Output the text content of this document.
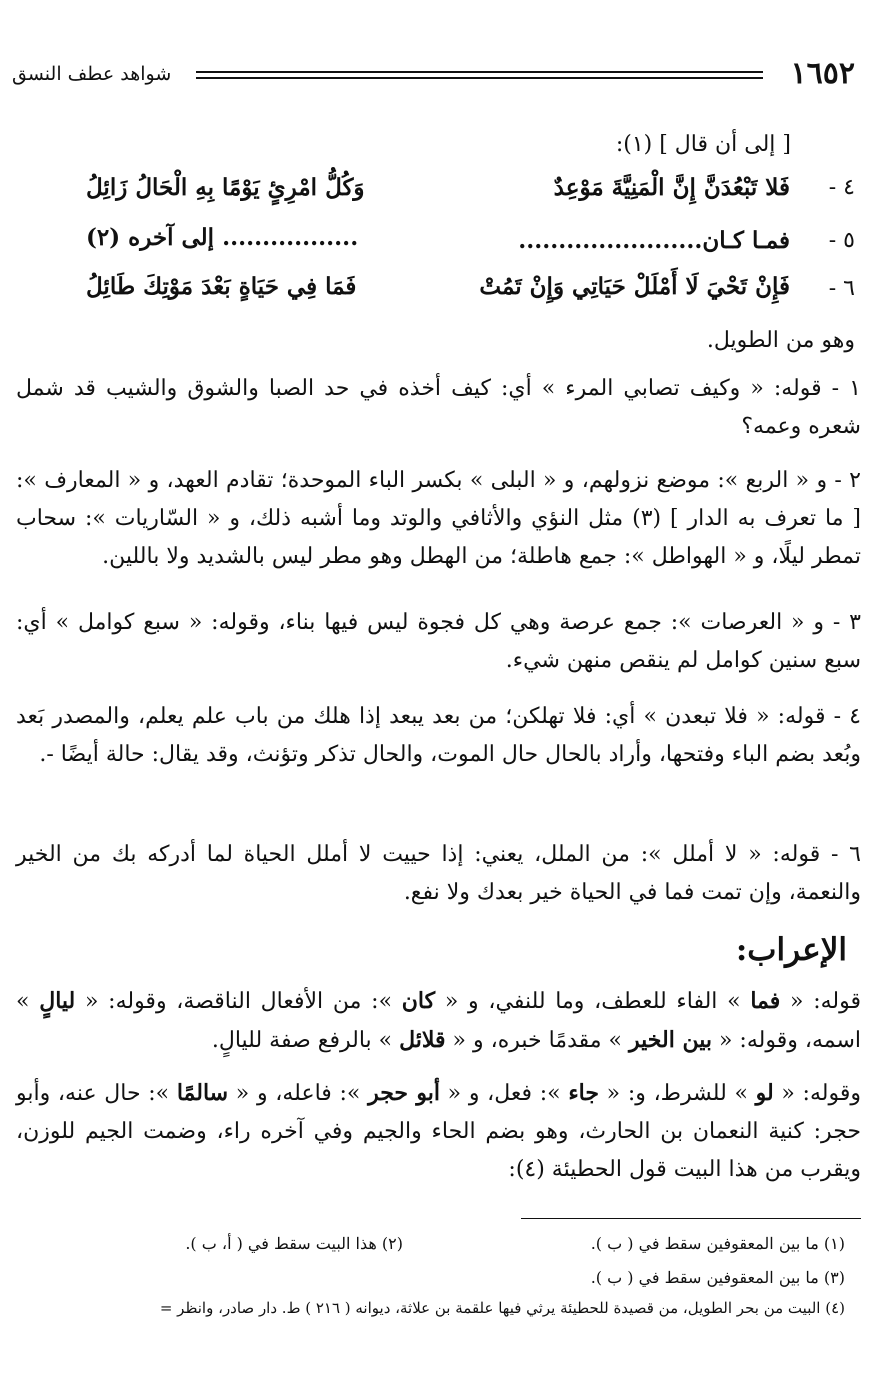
١٦٥٢
شواهد عطف النسق
[ إلى أن قال ] (١):
٤ -
فَلا تَبْعُدَنَّ إِنَّ الْمَنِيَّةَ مَوْعِدٌ
وَكُلُّ امْرِئٍ يَوْمًا بِهِ الْحَالُ زَائِلُ
٥ -
فمـا كـان.......................
................. إلى آخره (٢)
٦ -
فَإِنْ تَحْيَ لَا أَمْلَلْ حَيَاتِي وَإِنْ تَمُتْ
فَمَا فِي حَيَاةٍ بَعْدَ مَوْتِكَ طَائِلُ
وهو من الطويل.
١ - قوله: « وكيف تصابي المرء » أي: كيف أخذه في حد الصبا والشوق والشيب قد شمل شعره وعمه؟
٢ - و « الربع »: موضع نزولهم، و « البلى » بكسر الباء الموحدة؛ تقادم العهد، و « المعارف »: [ ما تعرف به الدار ] (٣) مثل النؤي والأثافي والوتد وما أشبه ذلك، و « السّاريات »: سحاب تمطر ليلًا، و « الهواطل »: جمع هاطلة؛ من الهطل وهو مطر ليس بالشديد ولا باللين.
٣ - و « العرصات »: جمع عرصة وهي كل فجوة ليس فيها بناء، وقوله: « سبع كوامل » أي: سبع سنين كوامل لم ينقص منهن شيء.
٤ - قوله: « فلا تبعدن » أي: فلا تهلكن؛ من بعد يبعد إذا هلك من باب علم يعلم، والمصدر بَعد وبُعد بضم الباء وفتحها، وأراد بالحال حال الموت، والحال تذكر وتؤنث، وقد يقال: حالة أيضًا -.
٦ - قوله: « لا أملل »: من الملل، يعني: إذا حييت لا أملل الحياة لما أدركه بك من الخير والنعمة، وإن تمت فما في الحياة خير بعدك ولا نفع.
الإعراب:
قوله: « فما » الفاء للعطف، وما للنفي، و « كان »: من الأفعال الناقصة، وقوله: « ليالٍ » اسمه، وقوله: « بين الخير » مقدمًا خبره، و « قلائل » بالرفع صفة لليالٍ.
وقوله: « لو » للشرط، و: « جاء »: فعل، و « أبو حجر »: فاعله، و « سالمًا »: حال عنه، وأبو حجر: كنية النعمان بن الحارث، وهو بضم الحاء والجيم وفي آخره راء، وضمت الجيم للوزن، ويقرب من هذا البيت قول الحطيئة (٤):
(١) ما بين المعقوفين سقط في ( ب ).
(٢) هذا البيت سقط في ( أ، ب ).
(٣) ما بين المعقوفين سقط في ( ب ).
(٤) البيت من بحر الطويل، من قصيدة للحطيئة يرثي فيها علقمة بن علاثة، ديوانه ( ٢١٦ ) ط. دار صادر، وانظر =
